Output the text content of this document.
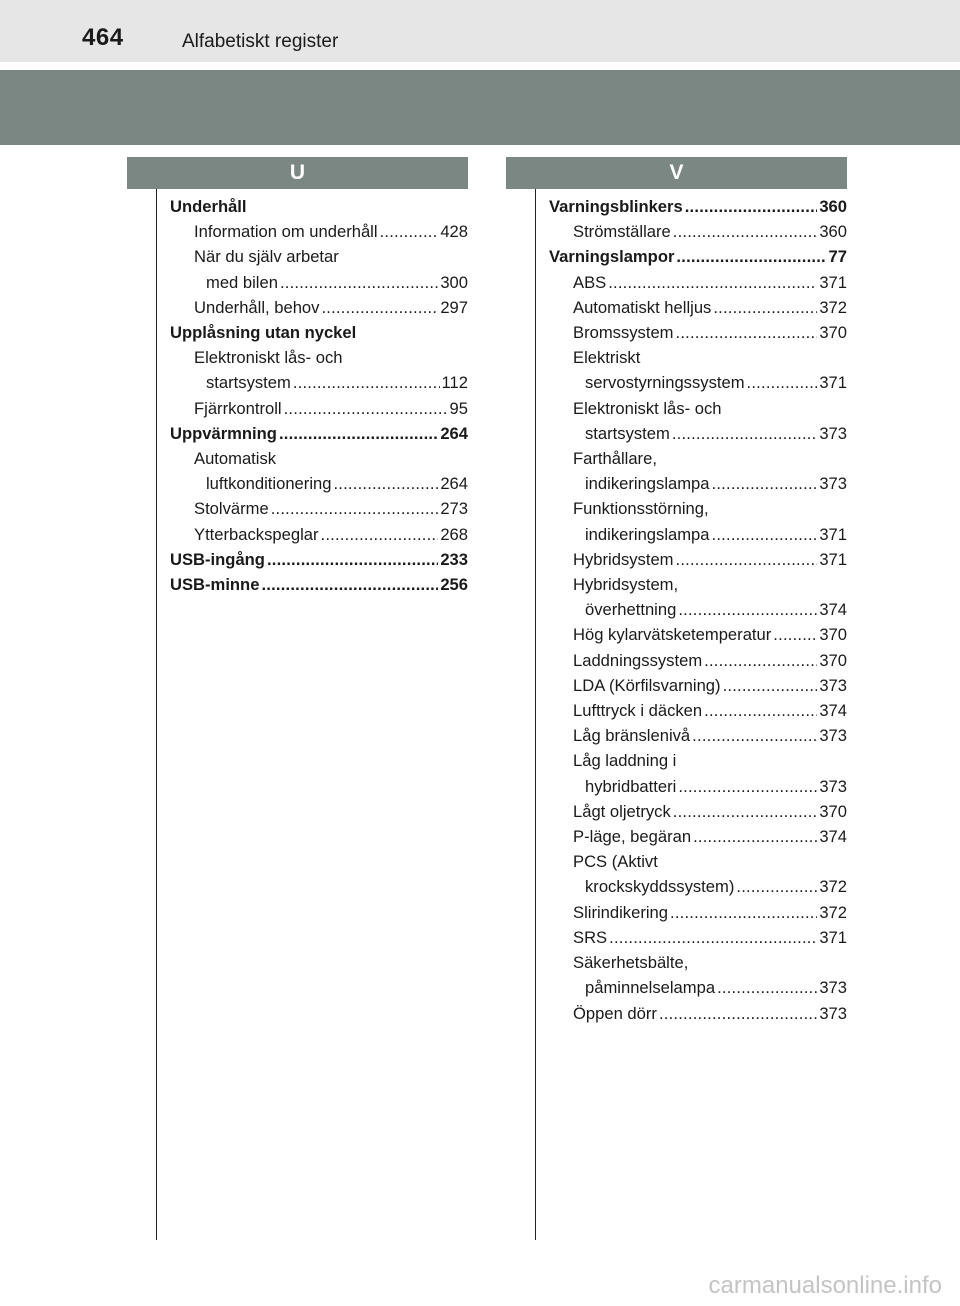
464	Alfabetiskt register
U	V
Underhåll
Information om underhåll . . .	428
När du själv arbetar
med bilen . . .	300
Underhåll, behov . . .	297
Upplåsning utan nyckel
Elektroniskt lås- och
startsystem . . .	112
Fjärrkontroll . . .	95
Uppvärmning . . .	264
Automatisk
luftkonditionering . . .	264
Stolvärme . . .	273
Ytterbackspeglar . . .	268
USB-ingång . . .	233
USB-minne . . .	256
Varningsblinkers . . .	360
Strömställare . . .	360
Varningslampor . . .	77
ABS . . .	371
Automatiskt helljus . . .	372
Bromssystem . . .	370
Elektriskt
servostyrningssystem . . .	371
Elektroniskt lås- och
startsystem . . .	373
Farthållare,
indikeringslampa . . .	373
Funktionsstörning,
indikeringslampa . . .	371
Hybridsystem . . .	371
Hybridsystem,
överhettning . . .	374
Hög kylarvätsketemperatur . . .	370
Laddningssystem . . .	370
LDA (Körfilsvarning) . . .	373
Lufttryck i däcken . . .	374
Låg bränslenivå . . .	373
Låg laddning i
hybridbatteri . . .	373
Lågt oljetryck . . .	370
P-läge, begäran . . .	374
PCS (Aktivt
krockskyddssystem) . . .	372
Slirindikering . . .	372
SRS . . .	371
Säkerhetsbälte,
påminnelselampa . . .	373
Öppen dörr . . .	373
carmanualsonline.info
